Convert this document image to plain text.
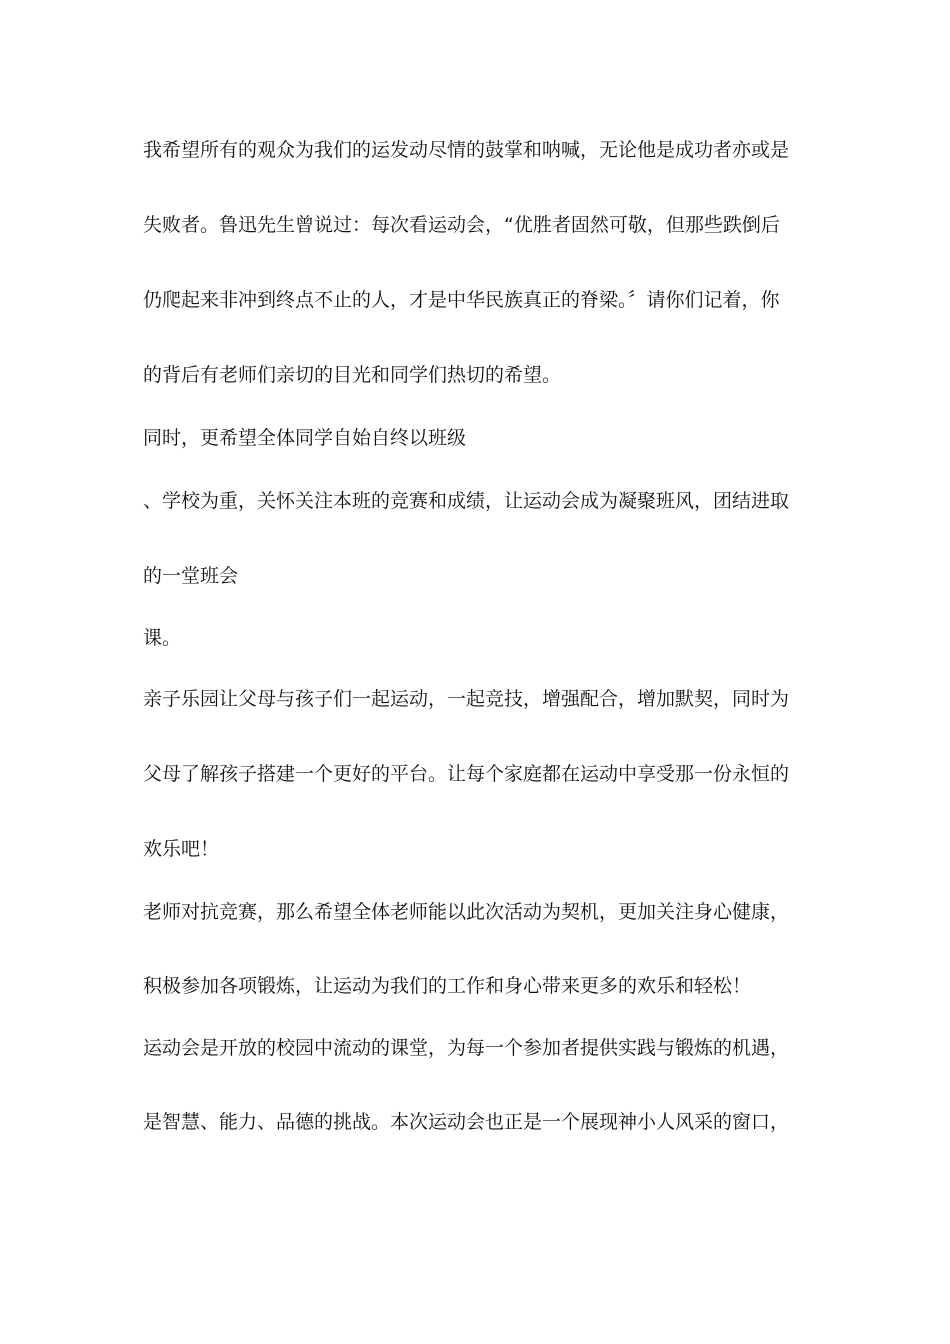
我希望所有的观众为我们的运发动尽情的鼓掌和呐喊，无论他是成功者亦或是
失败者。鲁迅先生曾说过：每次看运动会，“优胜者固然可敬，但那些跌倒后
仍爬起来非冲到终点不止的人，才是中华民族真正的脊梁。〞请你们记着，你
的背后有老师们亲切的目光和同学们热切的希望。
同时，更希望全体同学自始自终以班级
、学校为重，关怀关注本班的竞赛和成绩，让运动会成为凝聚班风，团结进取
的一堂班会
课。
亲子乐园让父母与孩子们一起运动，一起竞技，增强配合，增加默契，同时为
父母了解孩子搭建一个更好的平台。让每个家庭都在运动中享受那一份永恒的
欢乐吧！
老师对抗竞赛，那么希望全体老师能以此次活动为契机，更加关注身心健康，
积极参加各项锻炼，让运动为我们的工作和身心带来更多的欢乐和轻松！
运动会是开放的校园中流动的课堂，为每一个参加者提供实践与锻炼的机遇，
是智慧、能力、品德的挑战。本次运动会也正是一个展现神小人风采的窗口，
